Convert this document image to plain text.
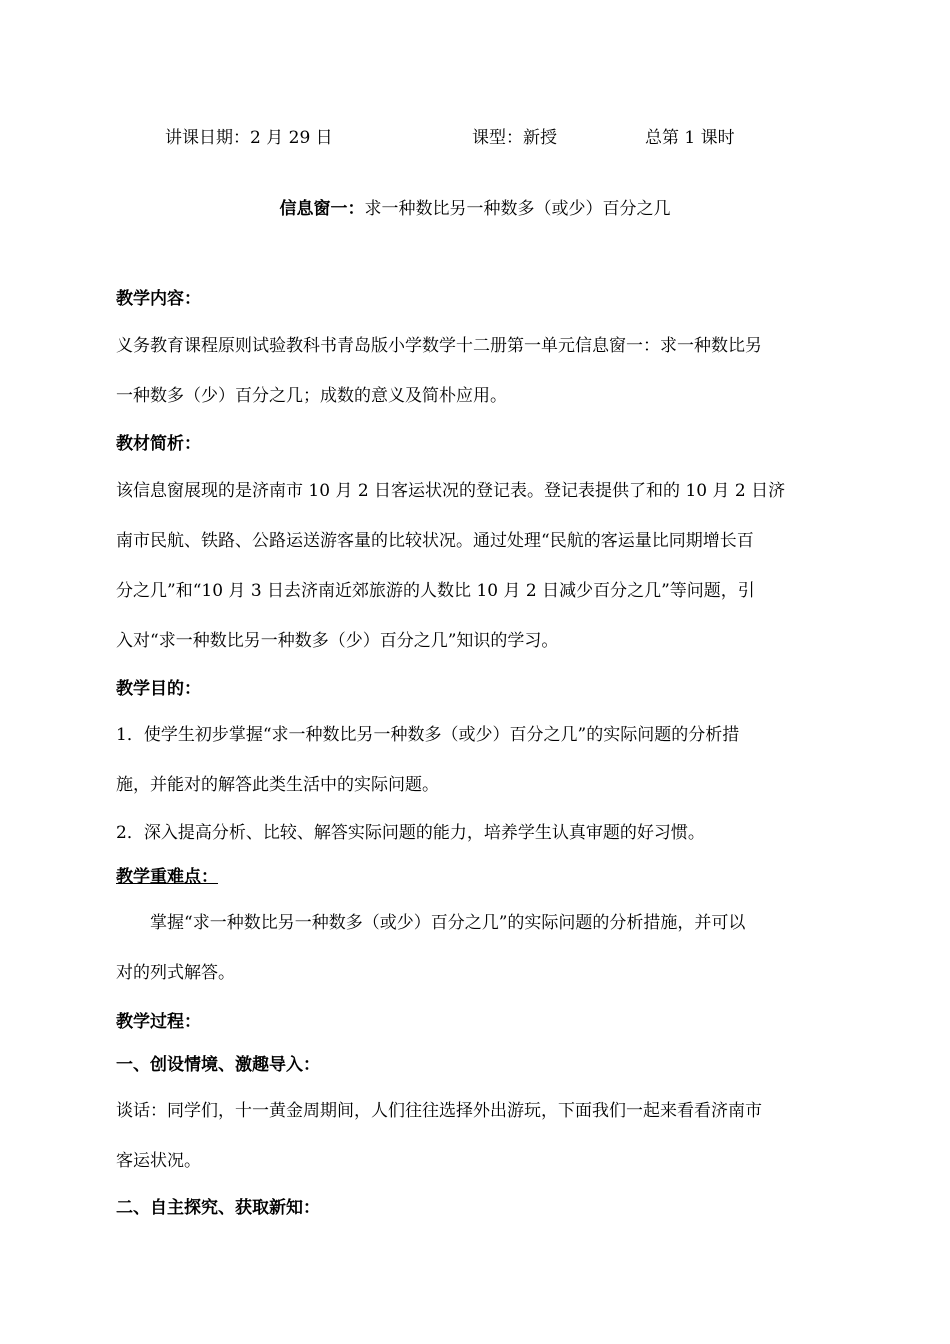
讲课日期：2 月 29 日	课型：新授	总第 1 课时
信息窗一：求一种数比另一种数多（或少）百分之几
教学内容：
义务教育课程原则试验教科书青岛版小学数学十二册第一单元信息窗一：求一种数比另
一种数多（少）百分之几；成数的意义及简朴应用。
教材简析：
该信息窗展现的是济南市 10 月 2 日客运状况的登记表。登记表提供了和的 10 月 2 日济
南市民航、铁路、公路运送游客量的比较状况。通过处理“民航的客运量比同期增长百
分之几”和“10 月 3 日去济南近郊旅游的人数比 10 月 2 日减少百分之几”等问题，引
入对“求一种数比另一种数多（少）百分之几”知识的学习。
教学目的：
1．使学生初步掌握“求一种数比另一种数多（或少）百分之几”的实际问题的分析措
施，并能对的解答此类生活中的实际问题。
2．深入提高分析、比较、解答实际问题的能力，培养学生认真审题的好习惯。
教学重难点：
　　掌握“求一种数比另一种数多（或少）百分之几”的实际问题的分析措施，并可以
对的列式解答。
教学过程：
一、创设情境、激趣导入：
谈话：同学们，十一黄金周期间，人们往往选择外出游玩，下面我们一起来看看济南市
客运状况。
二、自主探究、获取新知：
